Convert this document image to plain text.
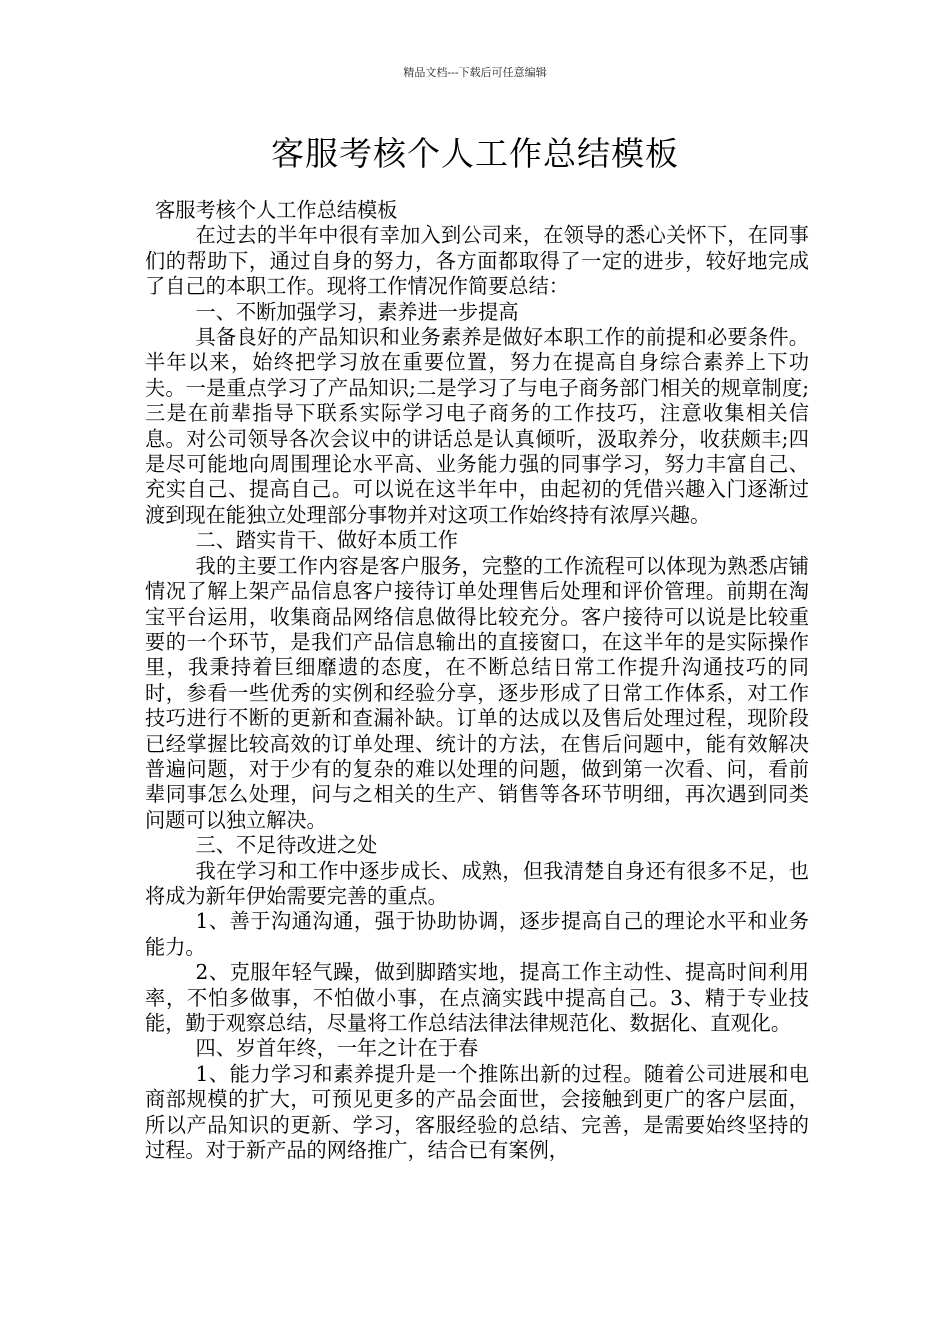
精品文档---下载后可任意编辑
客服考核个人工作总结模板

客服考核个人工作总结模板

在过去的半年中很有幸加入到公司来，在领导的悉心关怀下，在同事们的帮助下，通过自身的努力，各方面都取得了一定的进步，较好地完成了自己的本职工作。现将工作情况作简要总结：

一、不断加强学习，素养进一步提高

具备良好的产品知识和业务素养是做好本职工作的前提和必要条件。半年以来，始终把学习放在重要位置，努力在提高自身综合素养上下功夫。一是重点学习了产品知识;二是学习了与电子商务部门相关的规章制度;三是在前辈指导下联系实际学习电子商务的工作技巧，注意收集相关信息。对公司领导各次会议中的讲话总是认真倾听，汲取养分，收获颇丰;四是尽可能地向周围理论水平高、业务能力强的同事学习，努力丰富自己、充实自己、提高自己。可以说在这半年中，由起初的凭借兴趣入门逐渐过渡到现在能独立处理部分事物并对这项工作始终持有浓厚兴趣。

二、踏实肯干、做好本质工作

我的主要工作内容是客户服务，完整的工作流程可以体现为熟悉店铺情况了解上架产品信息客户接待订单处理售后处理和评价管理。前期在淘宝平台运用，收集商品网络信息做得比较充分。客户接待可以说是比较重要的一个环节，是我们产品信息输出的直接窗口，在这半年的是实际操作里，我秉持着巨细靡遗的态度，在不断总结日常工作提升沟通技巧的同时，参看一些优秀的实例和经验分享，逐步形成了日常工作体系，对工作技巧进行不断的更新和查漏补缺。订单的达成以及售后处理过程，现阶段已经掌握比较高效的订单处理、统计的方法，在售后问题中，能有效解决普遍问题，对于少有的复杂的难以处理的问题，做到第一次看、问，看前辈同事怎么处理，问与之相关的生产、销售等各环节明细，再次遇到同类问题可以独立解决。

三、不足待改进之处

我在学习和工作中逐步成长、成熟，但我清楚自身还有很多不足，也将成为新年伊始需要完善的重点。

1、善于沟通沟通，强于协助协调，逐步提高自己的理论水平和业务能力。

2、克服年轻气躁，做到脚踏实地，提高工作主动性、提高时间利用率，不怕多做事，不怕做小事，在点滴实践中提高自己。3、精于专业技能，勤于观察总结，尽量将工作总结法律法律规范化、数据化、直观化。

四、岁首年终，一年之计在于春

1、能力学习和素养提升是一个推陈出新的过程。随着公司进展和电商部规模的扩大，可预见更多的产品会面世，会接触到更广的客户层面，所以产品知识的更新、学习，客服经验的总结、完善，是需要始终坚持的过程。对于新产品的网络推广，结合已有案例，
